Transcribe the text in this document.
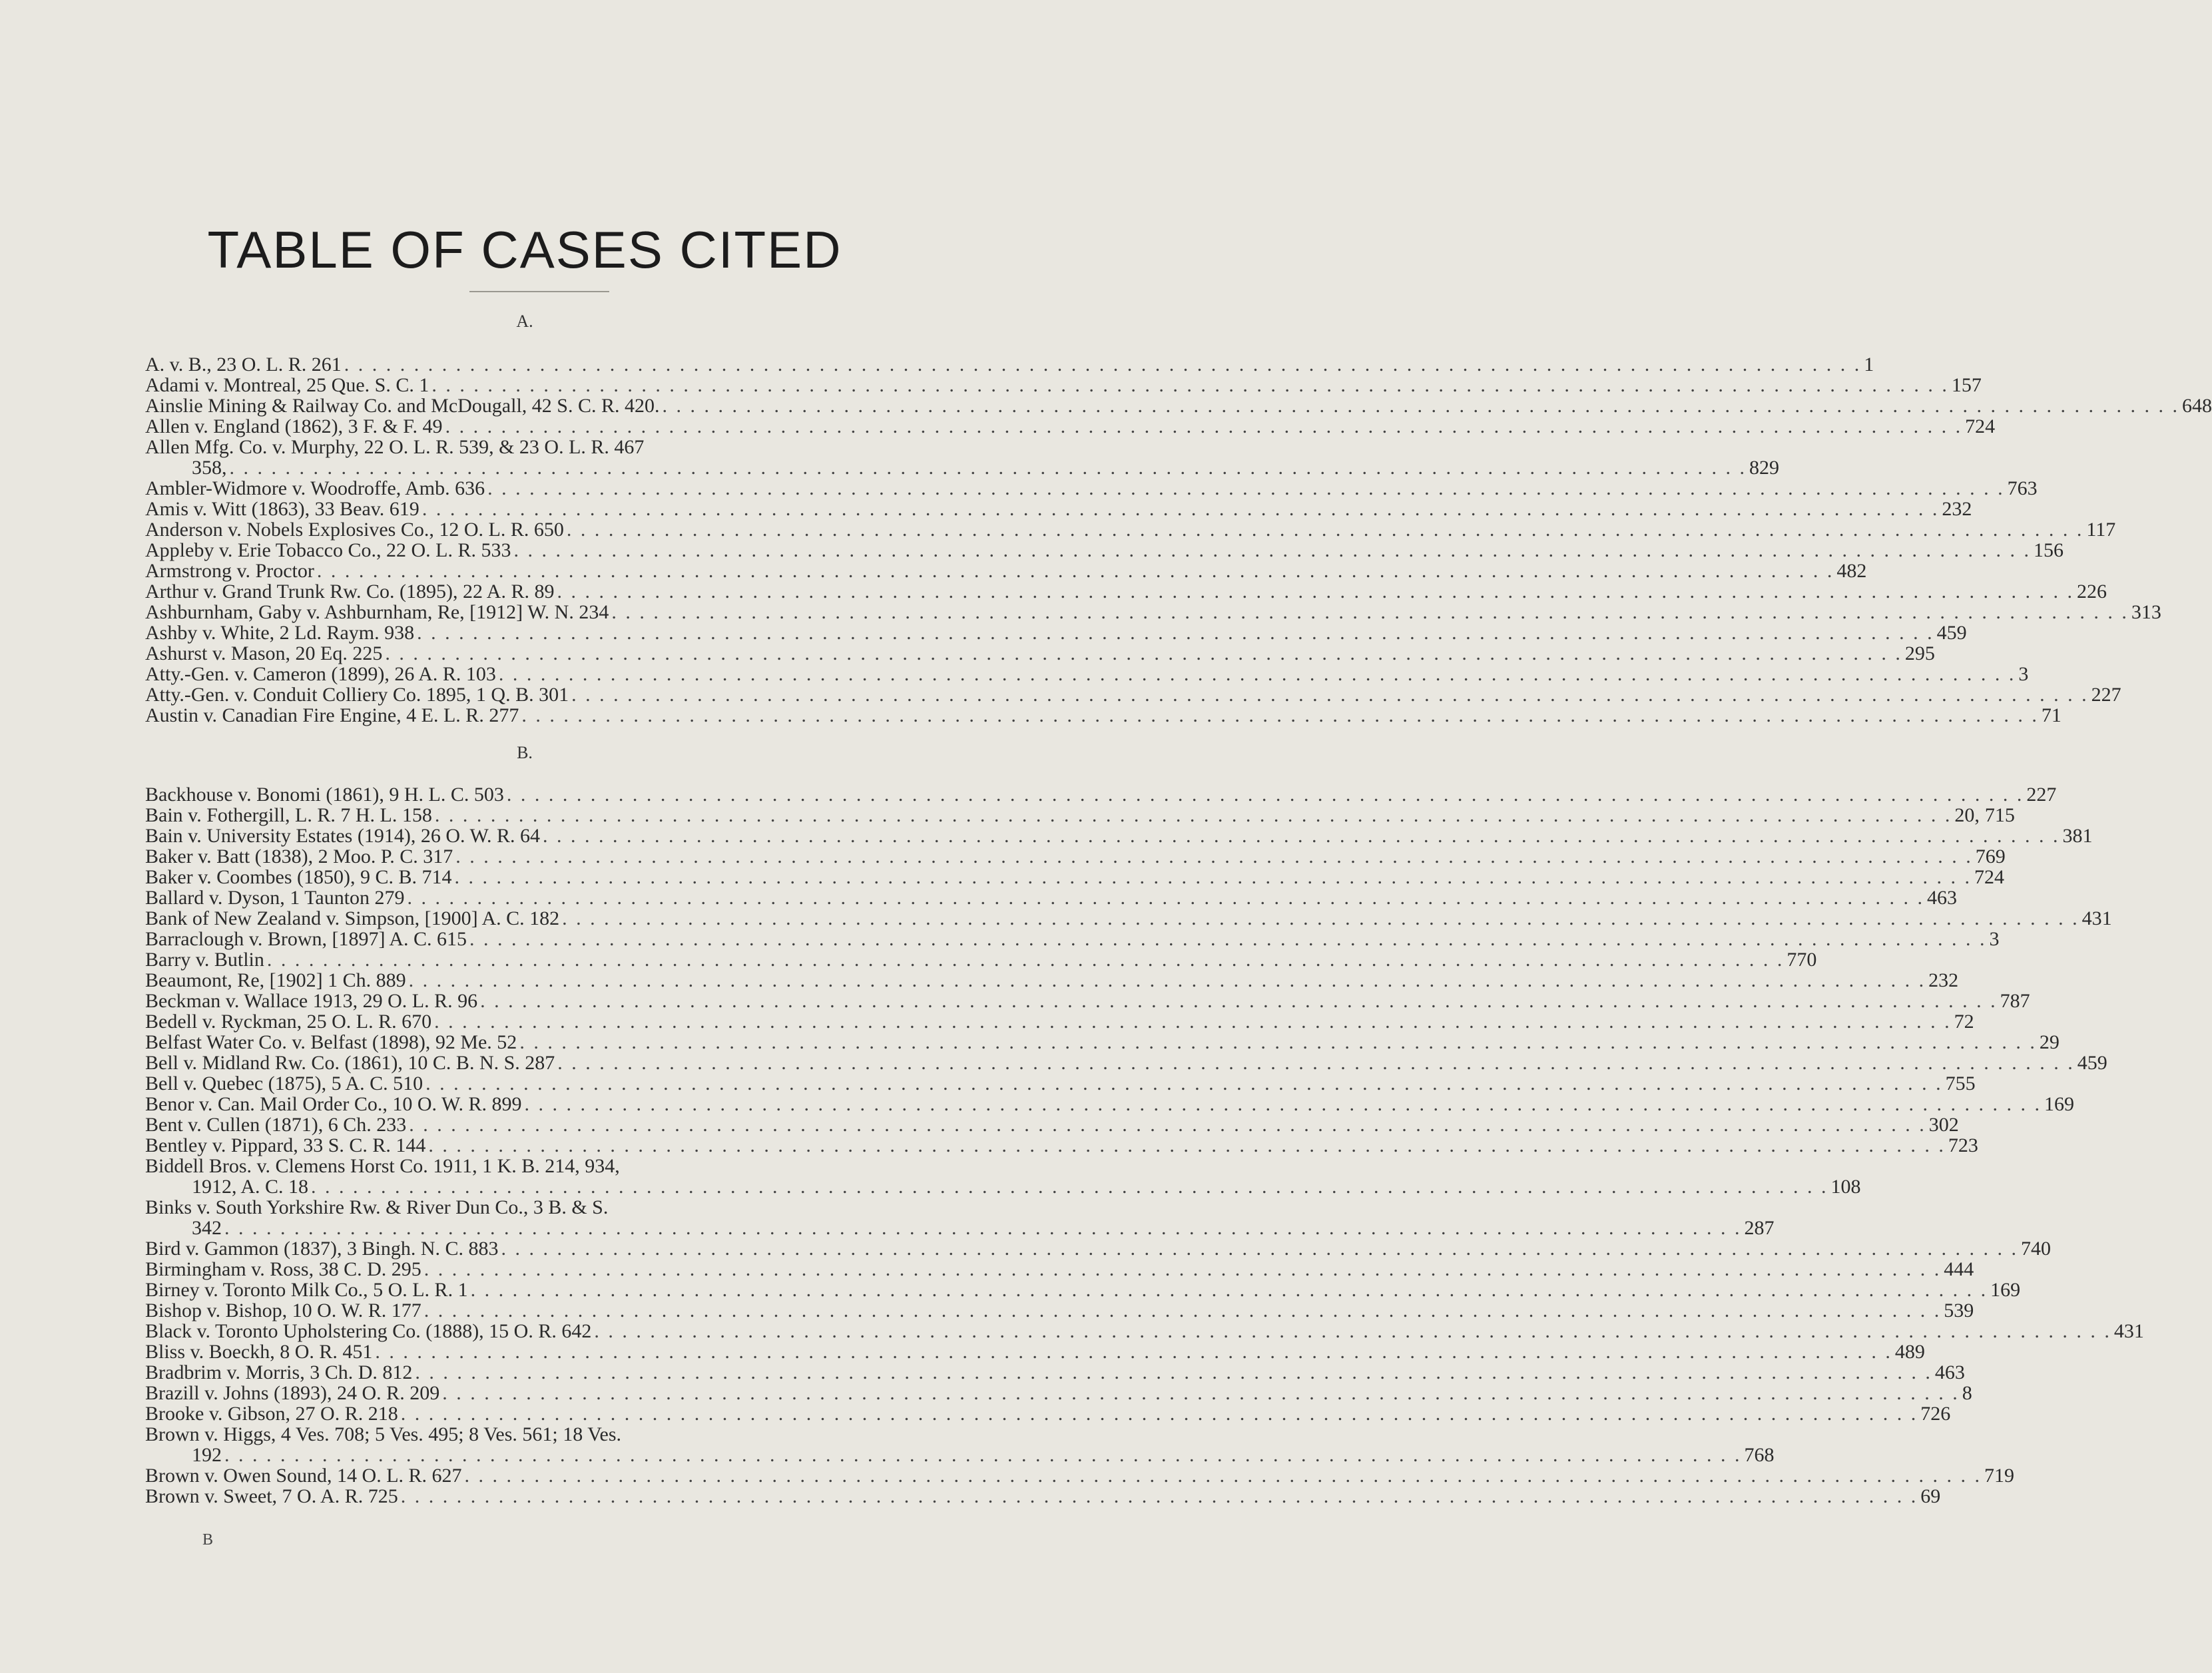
TABLE OF CASES CITED
A.
A. v. B., 23 O. L. R. 261 . . .	1
Adami v. Montreal, 25 Que. S. C. 1 . . .	157
Ainslie Mining & Railway Co. and McDougall, 42 S. C. R. 420. . . .	648
Allen v. England (1862), 3 F. & F. 49 . . .	724
Allen Mfg. Co. v. Murphy, 22 O. L. R. 539, & 23 O. L. R. 467
358, . . .	829
Ambler-Widmore v. Woodroffe, Amb. 636 . . .	763
Amis v. Witt (1863), 33 Beav. 619 . . .	232
Anderson v. Nobels Explosives Co., 12 O. L. R. 650 . . .	117
Appleby v. Erie Tobacco Co., 22 O. L. R. 533 . . .	156
Armstrong v. Proctor . . .	482
Arthur v. Grand Trunk Rw. Co. (1895), 22 A. R. 89 . . .	226
Ashburnham, Gaby v. Ashburnham, Re, [1912] W. N. 234 . . .	313
Ashby v. White, 2 Ld. Raym. 938 . . .	459
Ashurst v. Mason, 20 Eq. 225 . . .	295
Atty.-Gen. v. Cameron (1899), 26 A. R. 103 . . .	3
Atty.-Gen. v. Conduit Colliery Co. 1895, 1 Q. B. 301 . . .	227
Austin v. Canadian Fire Engine, 4 E. L. R. 277 . . .	71
B.
Backhouse v. Bonomi (1861), 9 H. L. C. 503 . . .	227
Bain v. Fothergill, L. R. 7 H. L. 158 . . .	20, 715
Bain v. University Estates (1914), 26 O. W. R. 64 . . .	381
Baker v. Batt (1838), 2 Moo. P. C. 317 . . .	769
Baker v. Coombes (1850), 9 C. B. 714 . . .	724
Ballard v. Dyson, 1 Taunton 279 . . .	463
Bank of New Zealand v. Simpson, [1900] A. C. 182 . . .	431
Barraclough v. Brown, [1897] A. C. 615 . . .	3
Barry v. Butlin . . .	770
Beaumont, Re, [1902] 1 Ch. 889 . . .	232
Beckman v. Wallace 1913, 29 O. L. R. 96 . . .	787
Bedell v. Ryckman, 25 O. L. R. 670 . . .	72
Belfast Water Co. v. Belfast (1898), 92 Me. 52 . . .	29
Bell v. Midland Rw. Co. (1861), 10 C. B. N. S. 287 . . .	459
Bell v. Quebec (1875), 5 A. C. 510 . . .	755
Benor v. Can. Mail Order Co., 10 O. W. R. 899 . . .	169
Bent v. Cullen (1871), 6 Ch. 233 . . .	302
Bentley v. Pippard, 33 S. C. R. 144 . . .	723
Biddell Bros. v. Clemens Horst Co. 1911, 1 K. B. 214, 934,
1912, A. C. 18 . . .	108
Binks v. South Yorkshire Rw. & River Dun Co., 3 B. & S.
342 . . .	287
Bird v. Gammon (1837), 3 Bingh. N. C. 883 . . .	740
Birmingham v. Ross, 38 C. D. 295 . . .	444
Birney v. Toronto Milk Co., 5 O. L. R. 1 . . .	169
Bishop v. Bishop, 10 O. W. R. 177 . . .	539
Black v. Toronto Upholstering Co. (1888), 15 O. R. 642 . . .	431
Bliss v. Boeckh, 8 O. R. 451 . . .	489
Bradbrim v. Morris, 3 Ch. D. 812 . . .	463
Brazill v. Johns (1893), 24 O. R. 209 . . .	8
Brooke v. Gibson, 27 O. R. 218 . . .	726
Brown v. Higgs, 4 Ves. 708; 5 Ves. 495; 8 Ves. 561; 18 Ves.
192 . . .	768
Brown v. Owen Sound, 14 O. L. R. 627 . . .	719
Brown v. Sweet, 7 O. A. R. 725 . . .	69
B
